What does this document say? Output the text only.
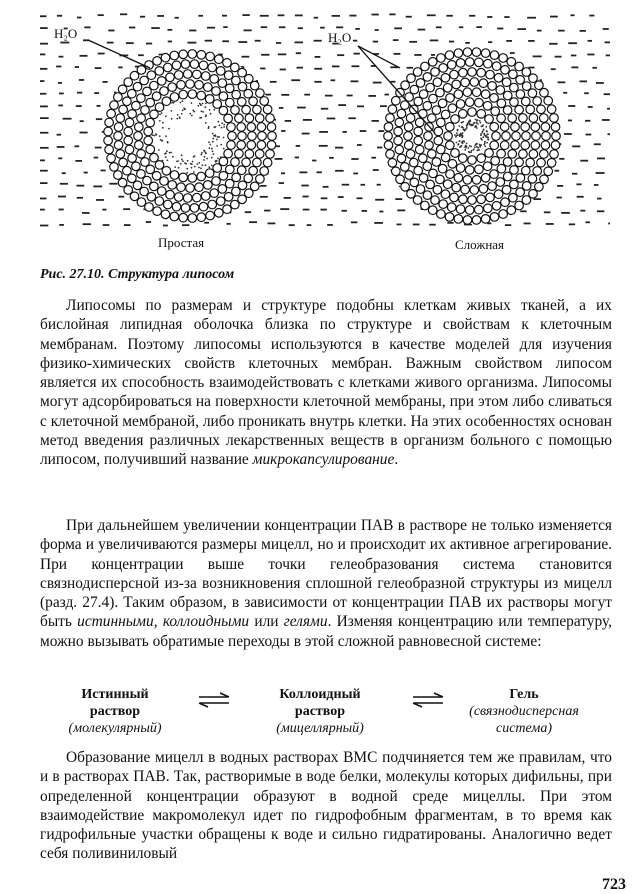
H₂O	H₂O
Простая	Сложная
Рис. 27.10. Структура липосом
Липосомы по размерам и структуре подобны клеткам живых тканей, а их бислойная липидная оболочка близка по структуре и свойствам к клеточным мембранам. Поэтому липосомы используются в качестве моделей для изучения физико-химических свойств клеточных мембран. Важным свойством липосом является их способность взаимодействовать с клетками живого организма. Липосомы могут адсорбироваться на поверхности клеточной мембраны, при этом либо сливаться с клеточной мембраной, либо проникать внутрь клетки. На этих особенностях основан метод введения различных лекарственных веществ в организм больного с помощью липосом, получивший название микрокапсулирование.
При дальнейшем увеличении концентрации ПАВ в растворе не только изменяется форма и увеличиваются размеры мицелл, но и происходит их активное агрегирование. При концентрации выше точки гелеобразования система становится связнодисперсной из-за возникновения сплошной гелеобразной структуры из мицелл (разд. 27.4). Таким образом, в зависимости от концентрации ПАВ их растворы могут быть истинными, коллоидными или гелями. Изменяя концентрацию или температуру, можно вызывать обратимые переходы в этой сложной равновесной системе:
Истинный
раствор
(молекулярный)
Коллоидный
раствор
(мицеллярный)
Гель
(связнодисперсная
система)
Образование мицелл в водных растворах ВМС подчиняется тем же правилам, что и в растворах ПАВ. Так, растворимые в воде белки, молекулы которых дифильны, при определенной концентрации образуют в водной среде мицеллы. При этом взаимодействие макромолекул идет по гидрофобным фрагментам, в то время как гидрофильные участки обращены к воде и сильно гидратированы. Аналогично ведет себя поливиниловый
723
